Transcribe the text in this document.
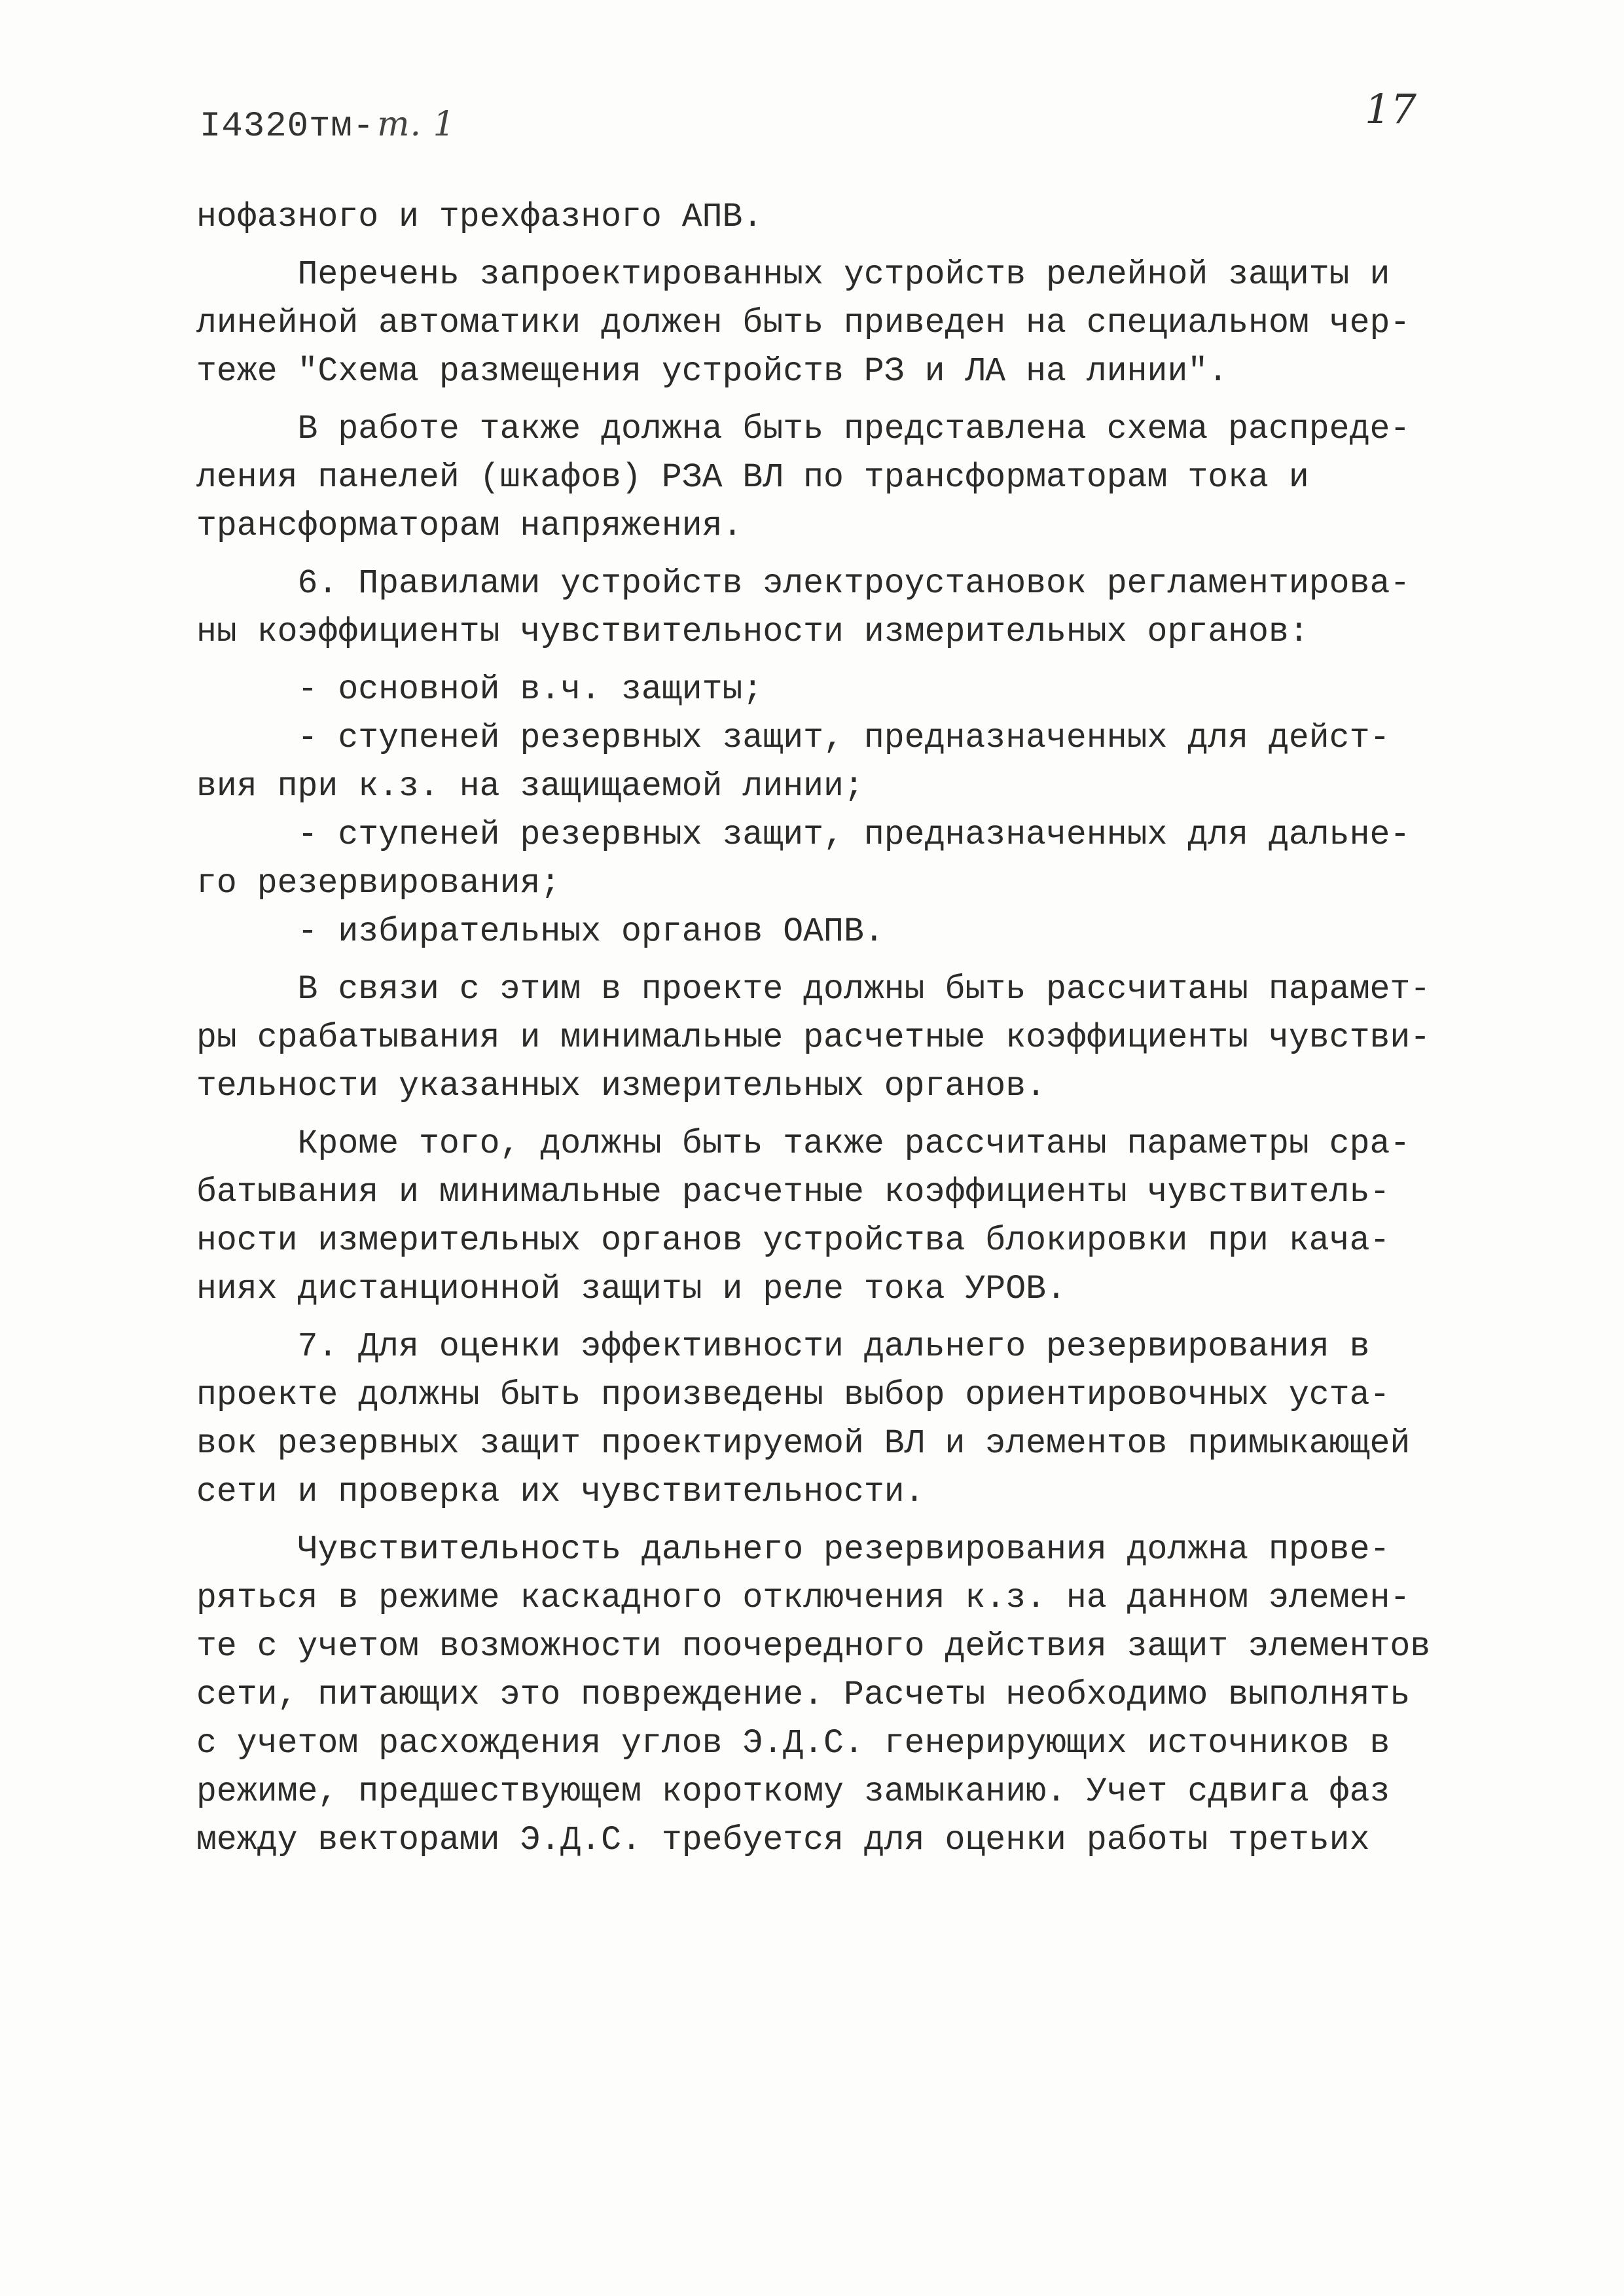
I4320тм-т. 1	17
нофазного и трехфазного АПВ.
Перечень запроектированных устройств релейной защиты и
линейной автоматики должен быть приведен на специальном чер-
теже "Схема размещения устройств РЗ и ЛА на линии".
В работе также должна быть представлена схема распреде-
ления панелей (шкафов) РЗА ВЛ по трансформаторам тока и
трансформаторам напряжения.
6. Правилами устройств электроустановок регламентирова-
ны коэффициенты чувствительности измерительных органов:
- основной в.ч. защиты;
- ступеней резервных защит, предназначенных для дейст-
вия при к.з. на защищаемой линии;
- ступеней резервных защит, предназначенных для дальне-
го резервирования;
- избирательных органов ОАПВ.
В связи с этим в проекте должны быть рассчитаны парамет-
ры срабатывания и минимальные расчетные коэффициенты чувстви-
тельности указанных измерительных органов.
Кроме того, должны быть также рассчитаны параметры сра-
батывания и минимальные расчетные коэффициенты чувствитель-
ности измерительных органов устройства блокировки при кача-
ниях дистанционной защиты и реле тока УРОВ.
7. Для оценки эффективности дальнего резервирования в
проекте должны быть произведены выбор ориентировочных уста-
вок резервных защит проектируемой ВЛ и элементов примыкающей
сети и проверка их чувствительности.
Чувствительность дальнего резервирования должна прове-
ряться в режиме каскадного отключения к.з. на данном элемен-
те с учетом возможности поочередного действия защит элементов
сети, питающих это повреждение. Расчеты необходимо выполнять
с учетом расхождения углов Э.Д.С. генерирующих источников в
режиме, предшествующем короткому замыканию. Учет сдвига фаз
между векторами Э.Д.С. требуется для оценки работы третьих
